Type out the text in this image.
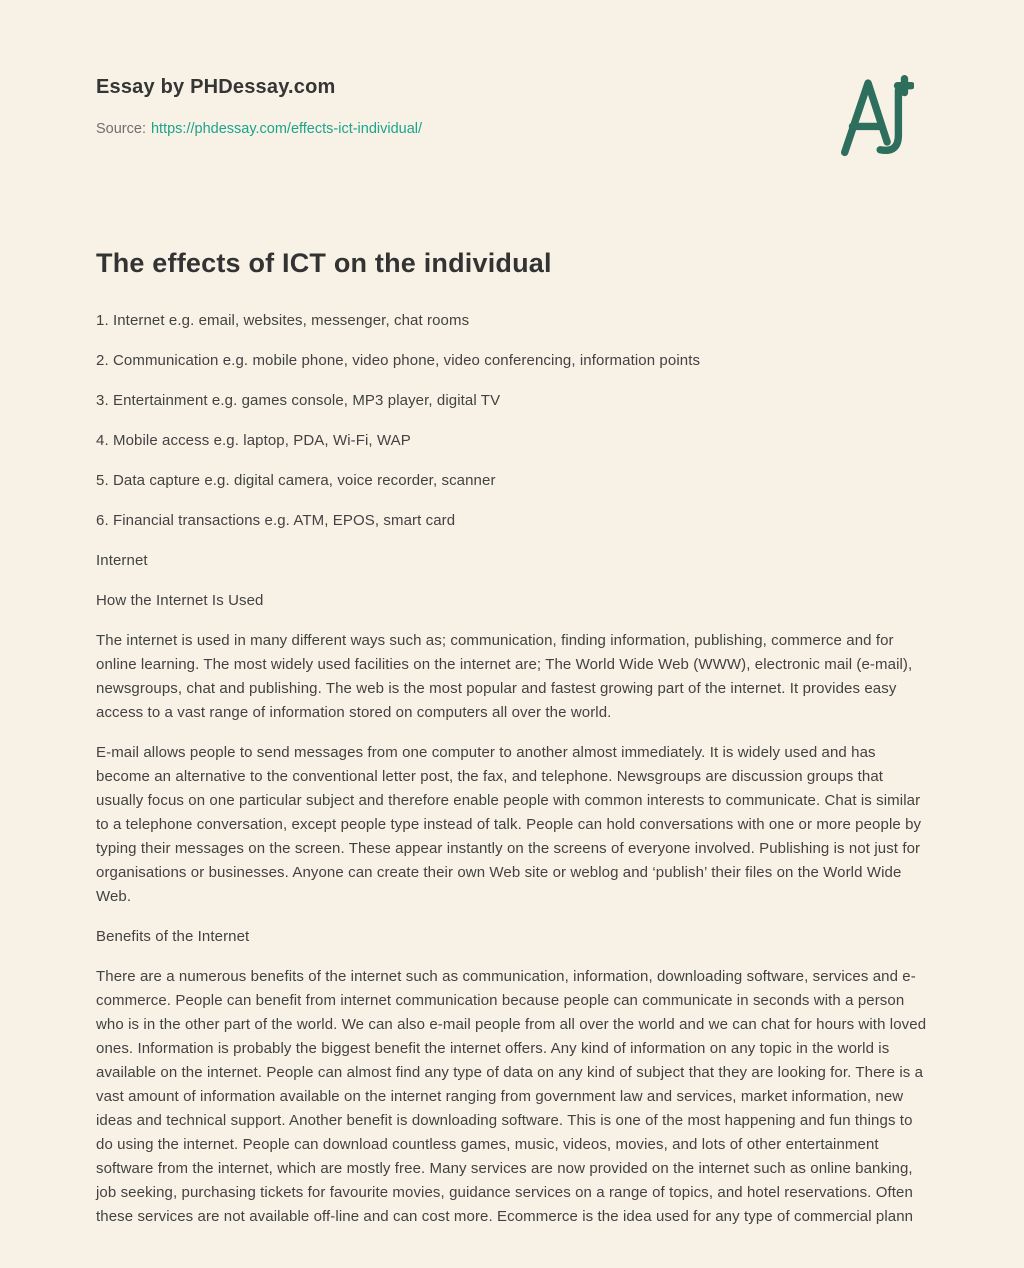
Essay by PHDessay.com
Source: https://phdessay.com/effects-ict-individual/
The effects of ICT on the individual

1. Internet e.g. email, websites, messenger, chat rooms

2. Communication e.g. mobile phone, video phone, video conferencing, information points

3. Entertainment e.g. games console, MP3 player, digital TV

4. Mobile access e.g. laptop, PDA, Wi-Fi, WAP

5. Data capture e.g. digital camera, voice recorder, scanner

6. Financial transactions e.g. ATM, EPOS, smart card

Internet

How the Internet Is Used

The internet is used in many different ways such as; communication, finding information, publishing, commerce and for online learning. The most widely used facilities on the internet are; The World Wide Web (WWW), electronic mail (e-mail), newsgroups, chat and publishing. The web is the most popular and fastest growing part of the internet. It provides easy access to a vast range of information stored on computers all over the world.

E-mail allows people to send messages from one computer to another almost immediately. It is widely used and has become an alternative to the conventional letter post, the fax, and telephone. Newsgroups are discussion groups that usually focus on one particular subject and therefore enable people with common interests to communicate. Chat is similar to a telephone conversation, except people type instead of talk. People can hold conversations with one or more people by typing their messages on the screen. These appear instantly on the screens of everyone involved. Publishing is not just for organisations or businesses. Anyone can create their own Web site or weblog and ‘publish’ their files on the World Wide Web.

Benefits of the Internet

There are a numerous benefits of the internet such as communication, information, downloading software, services and e-commerce. People can benefit from internet communication because people can communicate in seconds with a person who is in the other part of the world. We can also e-mail people from all over the world and we can chat for hours with loved ones. Information is probably the biggest benefit the internet offers. Any kind of information on any topic in the world is available on the internet. People can almost find any type of data on any kind of subject that they are looking for. There is a vast amount of information available on the internet ranging from government law and services, market information, new ideas and technical support. Another benefit is downloading software. This is one of the most happening and fun things to do using the internet. People can download countless games, music, videos, movies, and lots of other entertainment software from the internet, which are mostly free. Many services are now provided on the internet such as online banking, job seeking, purchasing tickets for favourite movies, guidance services on a range of topics, and hotel reservations. Often these services are not available off-line and can cost more. Ecommerce is the idea used for any type of commercial plann
